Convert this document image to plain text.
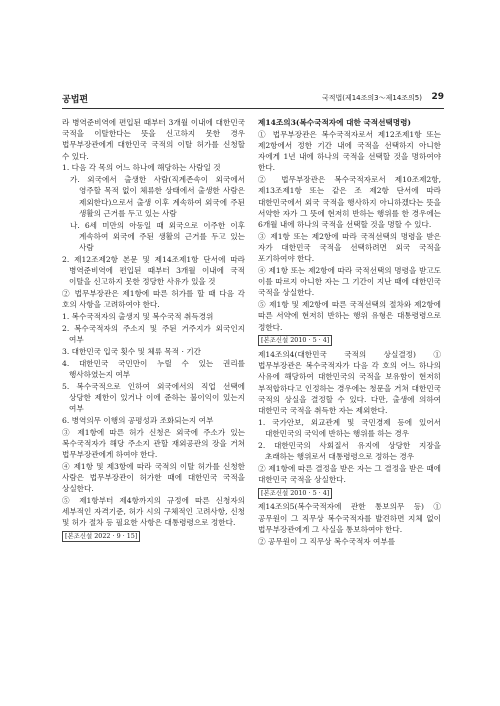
공법편	국적법(제14조의3～제14조의5) 29

라 병역준비역에 편입된 때부터 3개월 이내에 대한민국 국적을 이탈한다는 뜻을 신고하지 못한 경우 법무부장관에게 대한민국 국적의 이탈 허가를 신청할 수 있다.

1. 다음 각 목의 어느 하나에 해당하는 사람일 것

가. 외국에서 출생한 사람(직계존속이 외국에서 영주할 목적 없이 체류한 상태에서 출생한 사람은 제외한다)으로서 출생 이후 계속하여 외국에 주된 생활의 근거를 두고 있는 사람

나. 6세 미만의 아동일 때 외국으로 이주한 이후 계속하여 외국에 주된 생활의 근거를 두고 있는 사람

2. 제12조제2항 본문 및 제14조제1항 단서에 따라 병역준비역에 편입된 때부터 3개월 이내에 국적 이탈을 신고하지 못한 정당한 사유가 있을 것

② 법무부장관은 제1항에 따른 허가를 할 때 다음 각 호의 사항을 고려하여야 한다.

1. 복수국적자의 출생지 및 복수국적 취득경위

2. 복수국적자의 주소지 및 주된 거주지가 외국인지 여부

3. 대한민국 입국 횟수 및 체류 목적 · 기간

4. 대한민국 국민만이 누릴 수 있는 권리를 행사하였는지 여부

5. 복수국적으로 인하여 외국에서의 직업 선택에 상당한 제한이 있거나 이에 준하는 불이익이 있는지 여부

6. 병역의무 이행의 공평성과 조화되는지 여부

③ 제1항에 따른 허가 신청은 외국에 주소가 있는 복수국적자가 해당 주소지 관할 재외공관의 장을 거쳐 법무부장관에게 하여야 한다.

④ 제1항 및 제3항에 따라 국적의 이탈 허가를 신청한 사람은 법무부장관이 허가한 때에 대한민국 국적을 상실한다.

⑤ 제1항부터 제4항까지의 규정에 따른 신청자의 세부적인 자격기준, 허가 시의 구체적인 고려사항, 신청 및 허가 절차 등 필요한 사항은 대통령령으로 정한다.

[본조신설 2022 · 9 · 15]

제14조의3(복수국적자에 대한 국적선택명령)

① 법무부장관은 복수국적자로서 제12조제1항 또는 제2항에서 정한 기간 내에 국적을 선택하지 아니한 자에게 1년 내에 하나의 국적을 선택할 것을 명하여야 한다.

② 법무부장관은 복수국적자로서 제10조제2항, 제13조제1항 또는 같은 조 제2항 단서에 따라 대한민국에서 외국 국적을 행사하지 아니하겠다는 뜻을 서약한 자가 그 뜻에 현저히 반하는 행위를 한 경우에는 6개월 내에 하나의 국적을 선택할 것을 명할 수 있다.

③ 제1항 또는 제2항에 따라 국적선택의 명령을 받은 자가 대한민국 국적을 선택하려면 외국 국적을 포기하여야 한다.

④ 제1항 또는 제2항에 따라 국적선택의 명령을 받고도 이를 따르지 아니한 자는 그 기간이 지난 때에 대한민국 국적을 상실한다.

⑤ 제1항 및 제2항에 따른 국적선택의 절차와 제2항에 따른 서약에 현저히 반하는 행위 유형은 대통령령으로 정한다.

[본조신설 2010 · 5 · 4]

제14조의4(대한민국 국적의 상실결정) ① 법무부장관은 복수국적자가 다음 각 호의 어느 하나의 사유에 해당하여 대한민국의 국적을 보유함이 현저히 부적합하다고 인정하는 경우에는 청문을 거쳐 대한민국 국적의 상실을 결정할 수 있다. 다만, 출생에 의하여 대한민국 국적을 취득한 자는 제외한다.

1. 국가안보, 외교관계 및 국민경제 등에 있어서 대한민국의 국익에 반하는 행위를 하는 경우

2. 대한민국의 사회질서 유지에 상당한 지장을 초래하는 행위로서 대통령령으로 정하는 경우

② 제1항에 따른 결정을 받은 자는 그 결정을 받은 때에 대한민국 국적을 상실한다.

[본조신설 2010 · 5 · 4]

제14조의5(복수국적자에 관한 통보의무 등) ① 공무원이 그 직무상 복수국적자를 발견하면 지체 없이 법무부장관에게 그 사실을 통보하여야 한다.

② 공무원이 그 직무상 복수국적자 여부를
